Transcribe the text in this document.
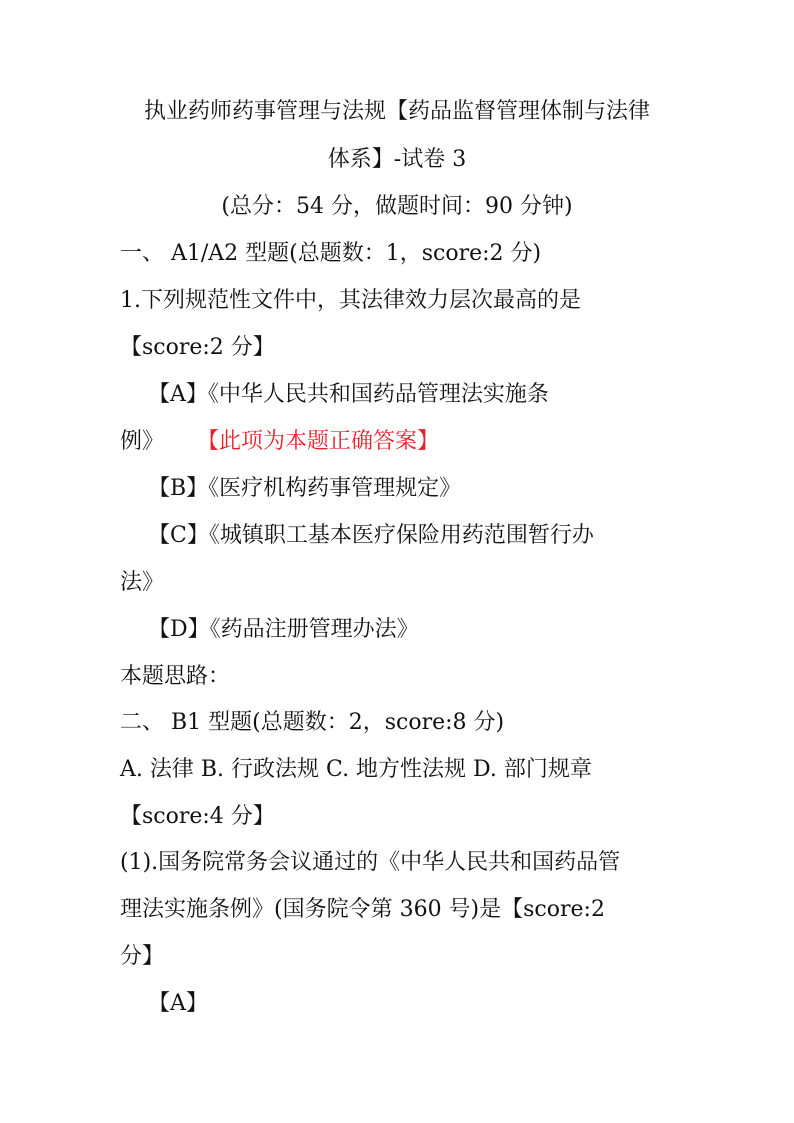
执业药师药事管理与法规【药品监督管理体制与法律
体系】-试卷 3
(总分：54 分，做题时间：90 分钟)
一、 A1/A2 型题(总题数：1，score:2 分)
1.下列规范性文件中，其法律效力层次最高的是
【score:2 分】
【A】《中华人民共和国药品管理法实施条
例》 【此项为本题正确答案】
【B】《医疗机构药事管理规定》
【C】《城镇职工基本医疗保险用药范围暂行办
法》
【D】《药品注册管理办法》
本题思路：
二、 B1 型题(总题数：2，score:8 分)
A. 法律 B. 行政法规 C. 地方性法规 D. 部门规章
【score:4 分】
(1).国务院常务会议通过的《中华人民共和国药品管
理法实施条例》(国务院令第 360 号)是【score:2
分】
【A】
